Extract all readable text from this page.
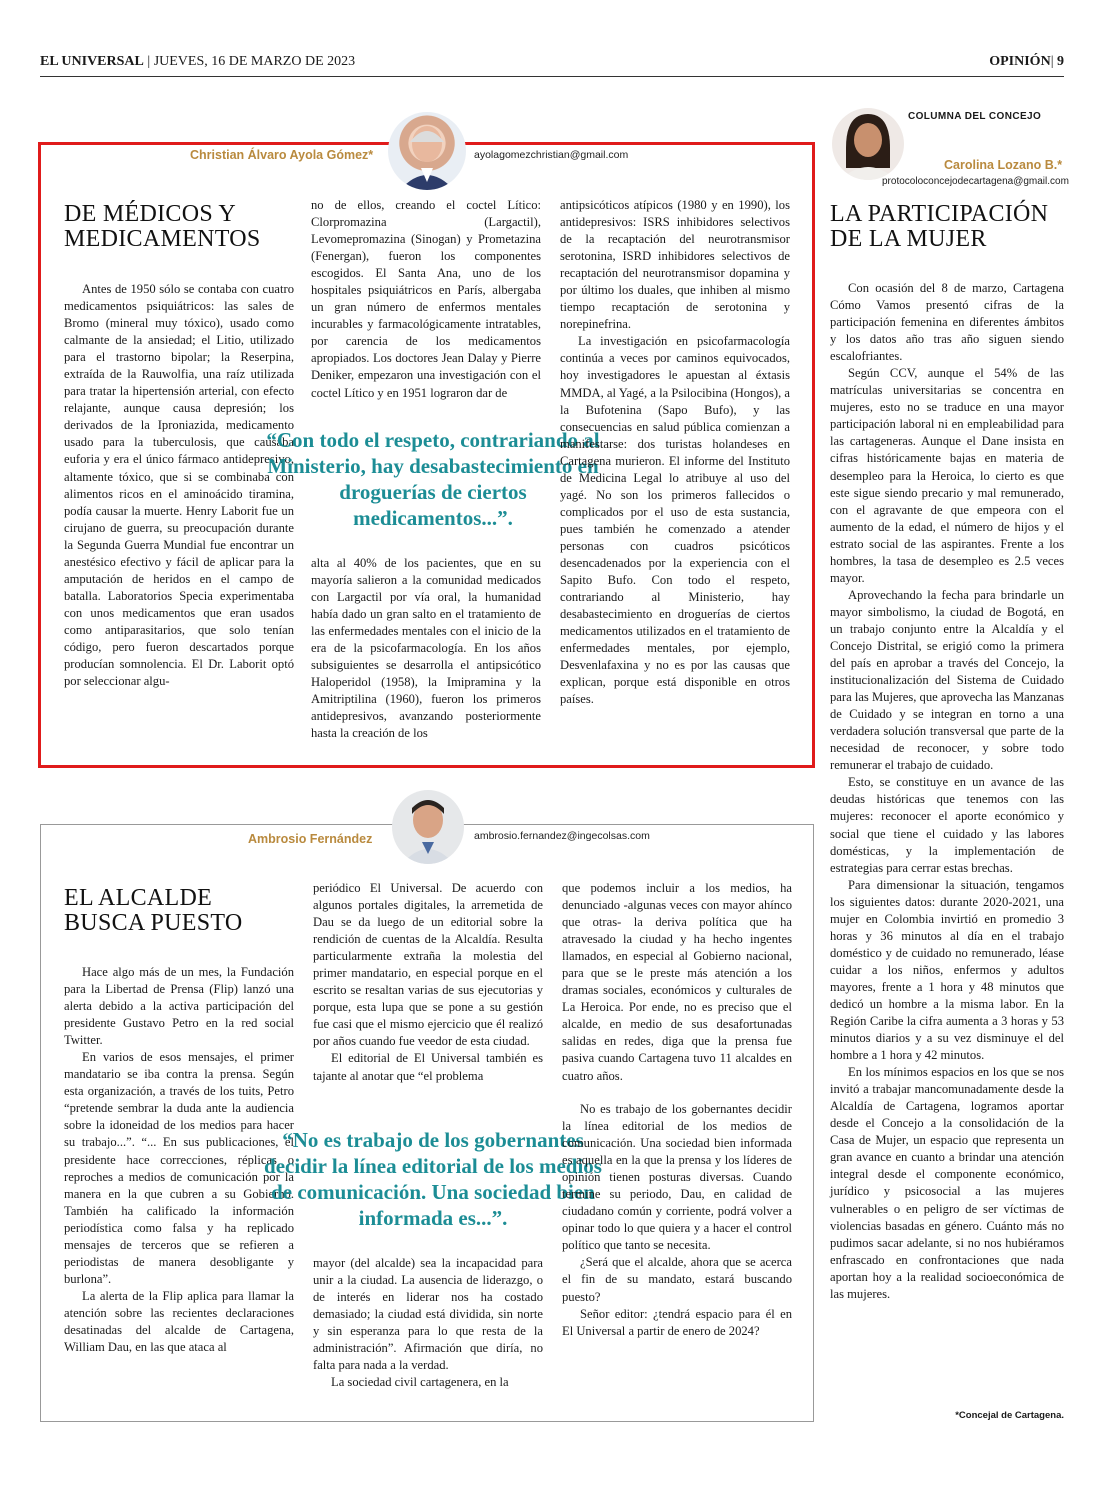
EL UNIVERSAL | JUEVES, 16 DE MARZO DE 2023	OPINIÓN| 9
Christian Álvaro Ayola Gómez*	ayolagomezchristian@gmail.com
DE MÉDICOS Y MEDICAMENTOS

Antes de 1950 sólo se contaba con cuatro medicamentos psiquiátricos: las sales de Bromo (mineral muy tóxico), usado como calmante de la ansiedad; el Litio, utilizado para el trastorno bipolar; la Reserpina, extraída de la Rauwolfia, una raíz utilizada para tratar la hipertensión arterial, con efecto relajante, aunque causa depresión; los derivados de la Iproniazida, medicamento usado para la tuberculosis, que causaba euforia y era el único fármaco antidepresivo, altamente tóxico, que si se combinaba con alimentos ricos en el aminoácido tiramina, podía causar la muerte. Henry Laborit fue un cirujano de guerra, su preocupación durante la Segunda Guerra Mundial fue encontrar un anestésico efectivo y fácil de aplicar para la amputación de heridos en el campo de batalla. Laboratorios Specia experimentaba con unos medicamentos que eran usados como antiparasitarios, que solo tenían código, pero fueron descartados porque producían somnolencia. El Dr. Laborit optó por seleccionar algu-

no de ellos, creando el coctel Lítico: Clorpromazina (Largactil), Levomepromazina (Sinogan) y Prometazina (Fenergan), fueron los componentes escogidos. El Santa Ana, uno de los hospitales psiquiátricos en París, albergaba un gran número de enfermos mentales incurables y farmacológicamente intratables, por carencia de los medicamentos apropiados. Los doctores Jean Dalay y Pierre Deniker, empezaron una investigación con el coctel Lítico y en 1951 lograron dar de

“Con todo el respeto, contrariando al Ministerio, hay desabastecimiento en droguerías de ciertos medicamentos...”.

alta al 40% de los pacientes, que en su mayoría salieron a la comunidad medicados con Largactil por vía oral, la humanidad había dado un gran salto en el tratamiento de las enfermedades mentales con el inicio de la era de la psicofarmacología. En los años subsiguientes se desarrolla el antipsicótico Haloperidol (1958), la Imipramina y la Amitriptilina (1960), fueron los primeros antidepresivos, avanzando posteriormente hasta la creación de los

antipsicóticos atípicos (1980 y en 1990), los antidepresivos: ISRS inhibidores selectivos de la recaptación del neurotransmisor serotonina, ISRD inhibidores selectivos de recaptación del neurotransmisor dopamina y por último los duales, que inhiben al mismo tiempo recaptación de serotonina y norepinefrina.

La investigación en psicofarmacología continúa a veces por caminos equivocados, hoy investigadores le apuestan al éxtasis MMDA, al Yagé, a la Psilocibina (Hongos), a la Bufotenina (Sapo Bufo), y las consecuencias en salud pública comienzan a manifestarse: dos turistas holandeses en Cartagena murieron. El informe del Instituto de Medicina Legal lo atribuye al uso del yagé. No son los primeros fallecidos o complicados por el uso de esta sustancia, pues también he comenzado a atender personas con cuadros psicóticos desencadenados por la experiencia con el Sapito Bufo. Con todo el respeto, contrariando al Ministerio, hay desabastecimiento en droguerías de ciertos medicamentos utilizados en el tratamiento de enfermedades mentales, por ejemplo, Desvenlafaxina y no es por las causas que explican, porque está disponible en otros países.

Ambrosio Fernández	ambrosio.fernandez@ingecolsas.com
EL ALCALDE BUSCA PUESTO

Hace algo más de un mes, la Fundación para la Libertad de Prensa (Flip) lanzó una alerta debido a la activa participación del presidente Gustavo Petro en la red social Twitter.

En varios de esos mensajes, el primer mandatario se iba contra la prensa. Según esta organización, a través de los tuits, Petro “pretende sembrar la duda ante la audiencia sobre la idoneidad de los medios para hacer su trabajo...”. “... En sus publicaciones, el presidente hace correcciones, réplicas o reproches a medios de comunicación por la manera en la que cubren a su Gobierno. También ha calificado la información periodística como falsa y ha replicado mensajes de terceros que se refieren a periodistas de manera desobligante y burlona”.

La alerta de la Flip aplica para llamar la atención sobre las recientes declaraciones desatinadas del alcalde de Cartagena, William Dau, en las que ataca al

periódico El Universal. De acuerdo con algunos portales digitales, la arremetida de Dau se da luego de un editorial sobre la rendición de cuentas de la Alcaldía. Resulta particularmente extraña la molestia del primer mandatario, en especial porque en el escrito se resaltan varias de sus ejecutorias y porque, esta lupa que se pone a su gestión fue casi que el mismo ejercicio que él realizó por años cuando fue veedor de esta ciudad.

El editorial de El Universal también es tajante al anotar que “el problema

“No es trabajo de los gobernantes decidir la línea editorial de los medios de comunicación. Una sociedad bien informada es...”.

mayor (del alcalde) sea la incapacidad para unir a la ciudad. La ausencia de liderazgo, o de interés en liderar nos ha costado demasiado; la ciudad está dividida, sin norte y sin esperanza para lo que resta de la administración”. Afirmación que diría, no falta para nada a la verdad.

La sociedad civil cartagenera, en la

que podemos incluir a los medios, ha denunciado -algunas veces con mayor ahínco que otras- la deriva política que ha atravesado la ciudad y ha hecho ingentes llamados, en especial al Gobierno nacional, para que se le preste más atención a los dramas sociales, económicos y culturales de La Heroica. Por ende, no es preciso que el alcalde, en medio de sus desafortunadas salidas en redes, diga que la prensa fue pasiva cuando Cartagena tuvo 11 alcaldes en cuatro años.

No es trabajo de los gobernantes decidir la línea editorial de los medios de comunicación. Una sociedad bien informada es aquella en la que la prensa y los líderes de opinión tienen posturas diversas. Cuando termine su periodo, Dau, en calidad de ciudadano común y corriente, podrá volver a opinar todo lo que quiera y a hacer el control político que tanto se necesita.

¿Será que el alcalde, ahora que se acerca el fin de su mandato, estará buscando puesto?

Señor editor: ¿tendrá espacio para él en El Universal a partir de enero de 2024?

COLUMNA DEL CONCEJO
Carolina Lozano B.*
protocoloconcejodecartagena@gmail.com
LA PARTICIPACIÓN DE LA MUJER

Con ocasión del 8 de marzo, Cartagena Cómo Vamos presentó cifras de la participación femenina en diferentes ámbitos y los datos año tras año siguen siendo escalofriantes.

Según CCV, aunque el 54% de las matrículas universitarias se concentra en mujeres, esto no se traduce en una mayor participación laboral ni en empleabilidad para las cartageneras. Aunque el Dane insista en cifras históricamente bajas en materia de desempleo para la Heroica, lo cierto es que este sigue siendo precario y mal remunerado, con el agravante de que empeora con el aumento de la edad, el número de hijos y el estrato social de las aspirantes. Frente a los hombres, la tasa de desempleo es 2.5 veces mayor.

Aprovechando la fecha para brindarle un mayor simbolismo, la ciudad de Bogotá, en un trabajo conjunto entre la Alcaldía y el Concejo Distrital, se erigió como la primera del país en aprobar a través del Concejo, la institucionalización del Sistema de Cuidado para las Mujeres, que aprovecha las Manzanas de Cuidado y se integran en torno a una verdadera solución transversal que parte de la necesidad de reconocer, y sobre todo remunerar el trabajo de cuidado.

Esto, se constituye en un avance de las deudas históricas que tenemos con las mujeres: reconocer el aporte económico y social que tiene el cuidado y las labores domésticas, y la implementación de estrategias para cerrar estas brechas.

Para dimensionar la situación, tengamos los siguientes datos: durante 2020-2021, una mujer en Colombia invirtió en promedio 3 horas y 36 minutos al día en el trabajo doméstico y de cuidado no remunerado, léase cuidar a los niños, enfermos y adultos mayores, frente a 1 hora y 48 minutos que dedicó un hombre a la misma labor. En la Región Caribe la cifra aumenta a 3 horas y 53 minutos diarios y a su vez disminuye el del hombre a 1 hora y 42 minutos.

En los mínimos espacios en los que se nos invitó a trabajar mancomunadamente desde la Alcaldía de Cartagena, logramos aportar desde el Concejo a la consolidación de la Casa de Mujer, un espacio que representa un gran avance en cuanto a brindar una atención integral desde el componente económico, jurídico y psicosocial a las mujeres vulnerables o en peligro de ser víctimas de violencias basadas en género. Cuánto más no pudimos sacar adelante, si no nos hubiéramos enfrascado en confrontaciones que nada aportan hoy a la realidad socioeconómica de las mujeres.

*Concejal de Cartagena.
